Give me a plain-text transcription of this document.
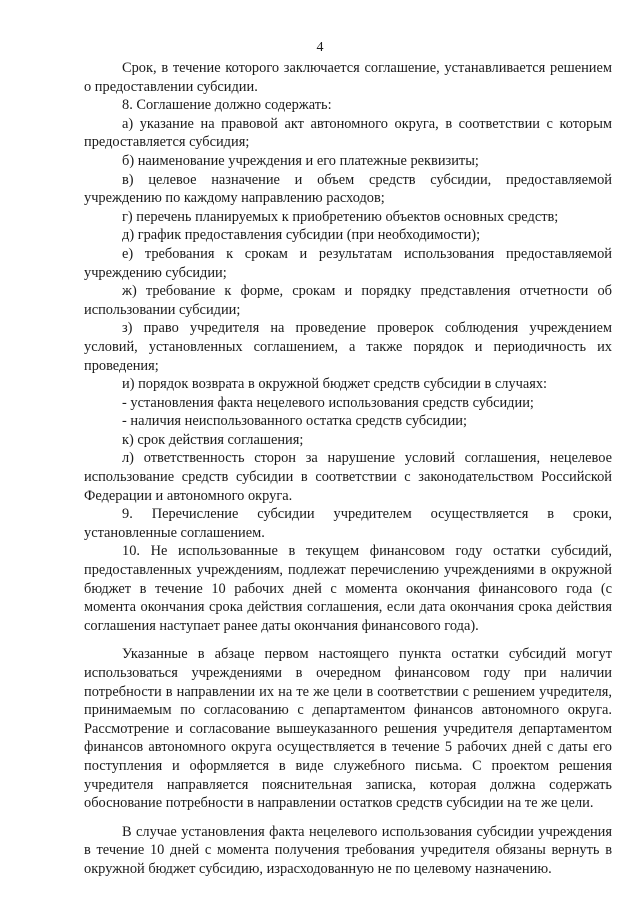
4

Срок, в течение которого заключается соглашение, устанавливается решением о предоставлении субсидии.

8. Соглашение должно содержать:

а) указание на правовой акт автономного округа, в соответствии с которым предоставляется субсидия;

б) наименование учреждения и его платежные реквизиты;

в) целевое назначение и объем средств субсидии, предоставляемой учреждению по каждому направлению расходов;

г) перечень планируемых к приобретению объектов основных средств;

д) график предоставления субсидии (при необходимости);

е) требования к срокам и результатам использования предоставляемой учреждению субсидии;

ж) требование к форме, срокам и порядку представления отчетности об использовании субсидии;

з) право учредителя на проведение проверок соблюдения учреждением условий, установленных соглашением, а также порядок и периодичность их проведения;

и) порядок возврата в окружной бюджет средств субсидии в случаях:

- установления факта нецелевого использования средств субсидии;

- наличия неиспользованного остатка средств субсидии;

к) срок действия соглашения;

л) ответственность сторон за нарушение условий соглашения, нецелевое использование средств субсидии в соответствии с законодательством Российской Федерации и автономного округа.

9. Перечисление субсидии учредителем осуществляется в сроки, установленные соглашением.

10. Не использованные в текущем финансовом году остатки субсидий, предоставленных учреждениям, подлежат перечислению учреждениями в окружной бюджет в течение 10 рабочих дней с момента окончания финансового года (с момента окончания срока действия соглашения, если дата окончания срока действия соглашения наступает ранее даты окончания финансового года).

Указанные в абзаце первом настоящего пункта остатки субсидий могут использоваться учреждениями в очередном финансовом году при наличии потребности в направлении их на те же цели в соответствии с решением учредителя, принимаемым по согласованию с департаментом финансов автономного округа. Рассмотрение и согласование вышеуказанного решения учредителя департаментом финансов автономного округа осуществляется в течение 5 рабочих дней с даты его поступления и оформляется в виде служебного письма. С проектом решения учредителя направляется пояснительная записка, которая должна содержать обоснование потребности в направлении остатков средств субсидии на те же цели.

В случае установления факта нецелевого использования субсидии учреждения в течение 10 дней с момента получения требования учредителя обязаны вернуть в окружной бюджет субсидию, израсходованную не по целевому назначению.
